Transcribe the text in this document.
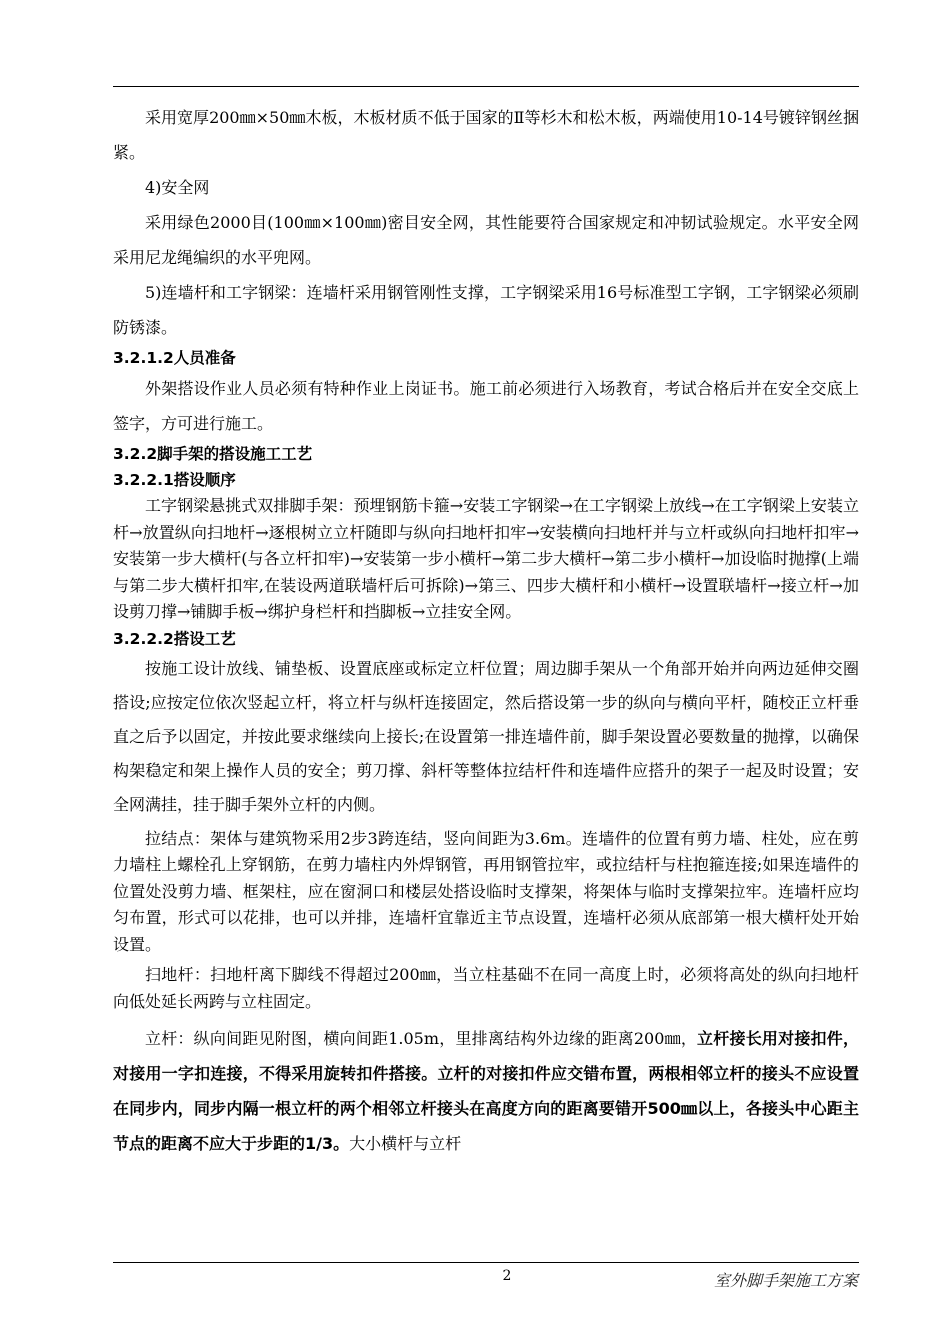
采用宽厚200㎜×50㎜木板，木板材质不低于国家的Ⅱ等杉木和松木板，两端使用10-14号镀锌钢丝捆紧。

4)安全网

采用绿色2000目(100㎜×100㎜)密目安全网，其性能要符合国家规定和冲韧试验规定。水平安全网采用尼龙绳编织的水平兜网。

5)连墙杆和工字钢梁：连墙杆采用钢管刚性支撑，工字钢梁采用16号标准型工字钢，工字钢梁必须刷防锈漆。

3.2.1.2人员准备

外架搭设作业人员必须有特种作业上岗证书。施工前必须进行入场教育，考试合格后并在安全交底上签字，方可进行施工。

3.2.2脚手架的搭设施工工艺

3.2.2.1搭设顺序

工字钢梁悬挑式双排脚手架：预埋钢筋卡箍→安装工字钢梁→在工字钢梁上放线→在工字钢梁上安装立杆→放置纵向扫地杆→逐根树立立杆随即与纵向扫地杆扣牢→安装横向扫地杆并与立杆或纵向扫地杆扣牢→安装第一步大横杆(与各立杆扣牢)→安装第一步小横杆→第二步大横杆→第二步小横杆→加设临时抛撑(上端与第二步大横杆扣牢,在装设两道联墙杆后可拆除)→第三、四步大横杆和小横杆→设置联墙杆→接立杆→加设剪刀撑→铺脚手板→绑护身栏杆和挡脚板→立挂安全网。

3.2.2.2搭设工艺

按施工设计放线、铺垫板、设置底座或标定立杆位置；周边脚手架从一个角部开始并向两边延伸交圈搭设;应按定位依次竖起立杆，将立杆与纵杆连接固定，然后搭设第一步的纵向与横向平杆，随校正立杆垂直之后予以固定，并按此要求继续向上接长;在设置第一排连墙件前，脚手架设置必要数量的抛撑，以确保构架稳定和架上操作人员的安全；剪刀撑、斜杆等整体拉结杆件和连墙件应搭升的架子一起及时设置；安全网满挂，挂于脚手架外立杆的内侧。

拉结点：架体与建筑物采用2步3跨连结，竖向间距为3.6m。连墙件的位置有剪力墙、柱处，应在剪力墙柱上螺栓孔上穿钢筋，在剪力墙柱内外焊钢管，再用钢管拉牢，或拉结杆与柱抱箍连接;如果连墙件的位置处没剪力墙、框架柱，应在窗洞口和楼层处搭设临时支撑架，将架体与临时支撑架拉牢。连墙杆应均匀布置，形式可以花排，也可以并排，连墙杆宜靠近主节点设置，连墙杆必须从底部第一根大横杆处开始设置。

扫地杆：扫地杆离下脚线不得超过200㎜，当立柱基础不在同一高度上时，必须将高处的纵向扫地杆向低处延长两跨与立柱固定。

立杆：纵向间距见附图，横向间距1.05m，里排离结构外边缘的距离200㎜，立杆接长用对接扣件，对接用一字扣连接，不得采用旋转扣件搭接。立杆的对接扣件应交错布置，两根相邻立杆的接头不应设置在同步内，同步内隔一根立杆的两个相邻立杆接头在高度方向的距离要错开500㎜以上，各接头中心距主节点的距离不应大于步距的1/3。大小横杆与立杆

2	室外脚手架施工方案
